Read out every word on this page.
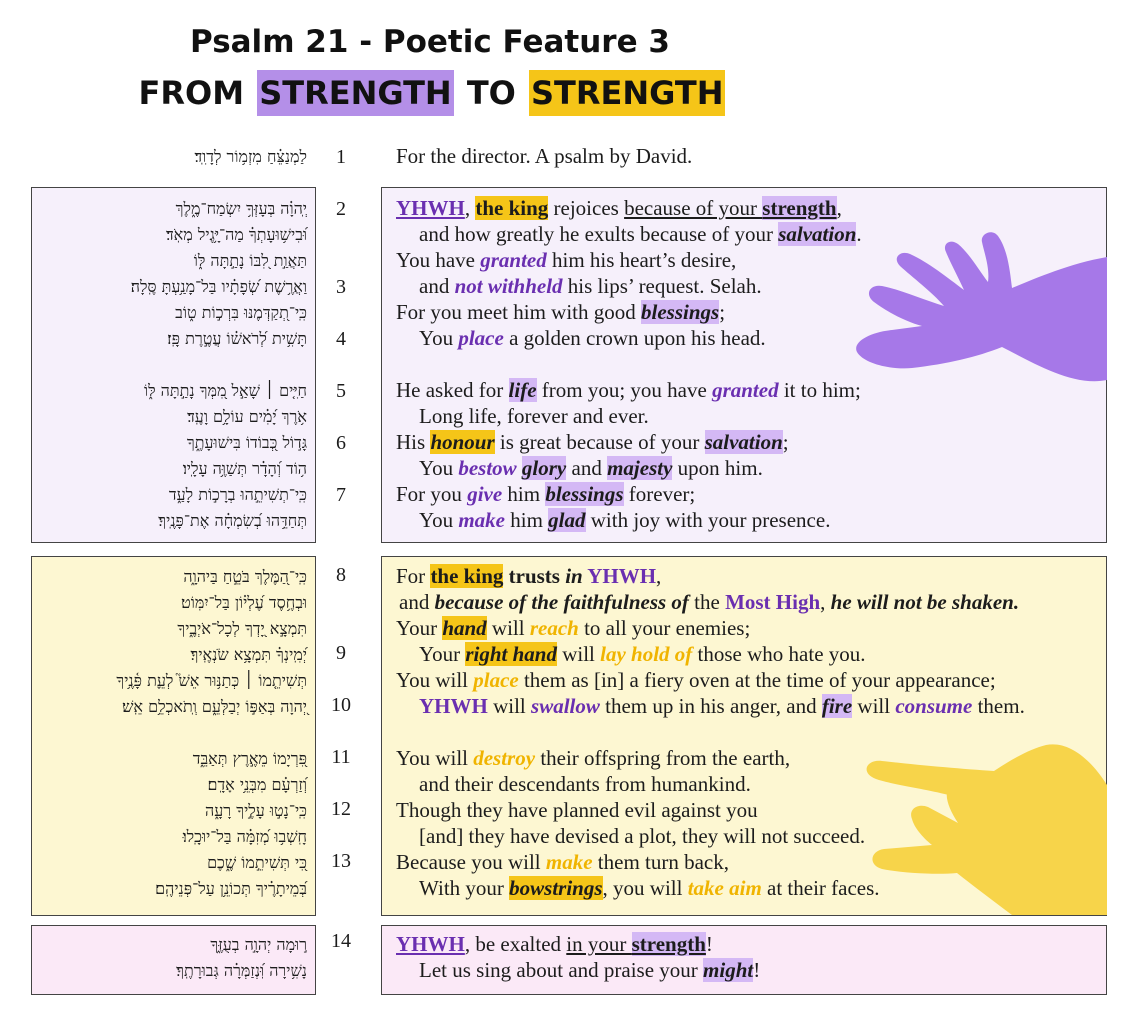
Psalm 21 - Poetic Feature 3
FROM STRENGTH TO STRENGTH
1
2
3
4
5
6
7
8
9
10
11
12
13
14
לַמְנַצֵּ֗חַ מִזְמ֥וֹר לְדָוִֽד׃
יְֽהוָ֗ה בְּעָזְּךָ֥ יִשְׂמַח־מֶ֑לֶךְ
וּ֝בִישׁ֥וּעָתְךָ֗ מַה־יָּ֥גֶיל מְאֹֽד׃
תַּאֲוַ֣ת לִ֭בּוֹ נָתַ֣תָּה לּ֑וֹ
וַאֲרֶ֥שֶׁת שְׂ֝פָתָ֗יו בַּל־מָנַ֥עְתָּ סֶּֽלָה׃
כִּֽי־תְ֭קַדְּמֶנּוּ בִּרְכ֣וֹת ט֑וֹב
תָּשִׁ֥ית לְ֝רֹאשׁ֗וֹ עֲטֶ֣רֶת פָּֽז׃
חַיִּ֤ים ׀ שָׁאַ֣ל מִ֭מְּךָ נָתַ֣תָּה לּ֑וֹ
אֹ֥רֶךְ יָ֝מִ֗ים עוֹלָ֥ם וָעֶֽד׃
גָּד֣וֹל כְּ֭בוֹדוֹ בִּישׁוּעָתֶ֑ךָ
ה֥וֹד וְ֝הָדָ֗ר תְּשַׁוֶּ֥ה עָלָֽיו׃
כִּֽי־תְשִׁיתֵ֣הוּ בְרָכ֣וֹת לָעַ֑ד
תְּחַדֵּ֥הוּ בְ֝שִׂמְחָ֗ה אֶת־פָּנֶֽיךָ׃
כִּֽי־הַ֭מֶּלֶךְ בֹּטֵ֣חַ בַּיהוָ֑ה
וּבְחֶ֥סֶד עֶ֝לְי֗וֹן בַּל־יִמּֽוֹט׃
תִּמְצָ֣א יָ֭דְךָ לְכָל־אֹיְבֶ֑יךָ
יְ֝מִֽינְךָ֗ תִּמְצָ֥א שֹׂנְאֶֽיךָ׃
תְּשִׁיתֵ֤מוֹ ׀ כְּתַנּ֥וּר אֵשׁ֮ לְעֵ֪ת פָּ֫נֶ֥יךָ
יְ֭הוָה בְּאַפּ֣וֹ יְבַלְּעֵ֑ם וְֽתֹאכְלֵ֥ם אֵֽשׁ׃
פִּ֭רְיָמוֹ מֵאֶ֣רֶץ תְּאַבֵּ֑ד
וְ֝זַרְעָ֗ם מִבְּנֵ֥י אָדָֽם׃
כִּֽי־נָט֣וּ עָלֶ֣יךָ רָעָ֑ה
חָֽשְׁב֥וּ מְ֝זִמָּ֗ה בַּל־יוּכָֽלוּ׃
כִּ֭י תְּשִׁיתֵ֣מוֹ שֶׁ֑כֶם
בְּ֝מֵיתָרֶ֗יךָ תְּכוֹנֵ֥ן עַל־פְּנֵיהֶֽם׃
ר֣וּמָה יְהוָ֣ה בְעֻזֶּ֑ךָ
נָשִׁ֥ירָה וּֽ֝נְזַמְּרָ֗ה גְּבוּרָתֶֽךָ׃
For the director. A psalm by David.
YHWH, the king rejoices because of your strength,
and how greatly he exults because of your salvation.
You have granted him his heart’s desire,
and not withheld his lips’ request. Selah.
For you meet him with good blessings;
You place a golden crown upon his head.
He asked for life from you; you have granted it to him;
Long life, forever and ever.
His honour is great because of your salvation;
You bestow glory and majesty upon him.
For you give him blessings forever;
You make him glad with joy with your presence.
For the king trusts in YHWH,
and because of the faithfulness of the Most High, he will not be shaken.
Your hand will reach to all your enemies;
Your right hand will lay hold of those who hate you.
You will place them as [in] a fiery oven at the time of your appearance;
YHWH will swallow them up in his anger, and fire will consume them.
You will destroy their offspring from the earth,
and their descendants from humankind.
Though they have planned evil against you
[and] they have devised a plot, they will not succeed.
Because you will make them turn back,
With your bowstrings, you will take aim at their faces.
YHWH, be exalted in your strength!
Let us sing about and praise your might!
